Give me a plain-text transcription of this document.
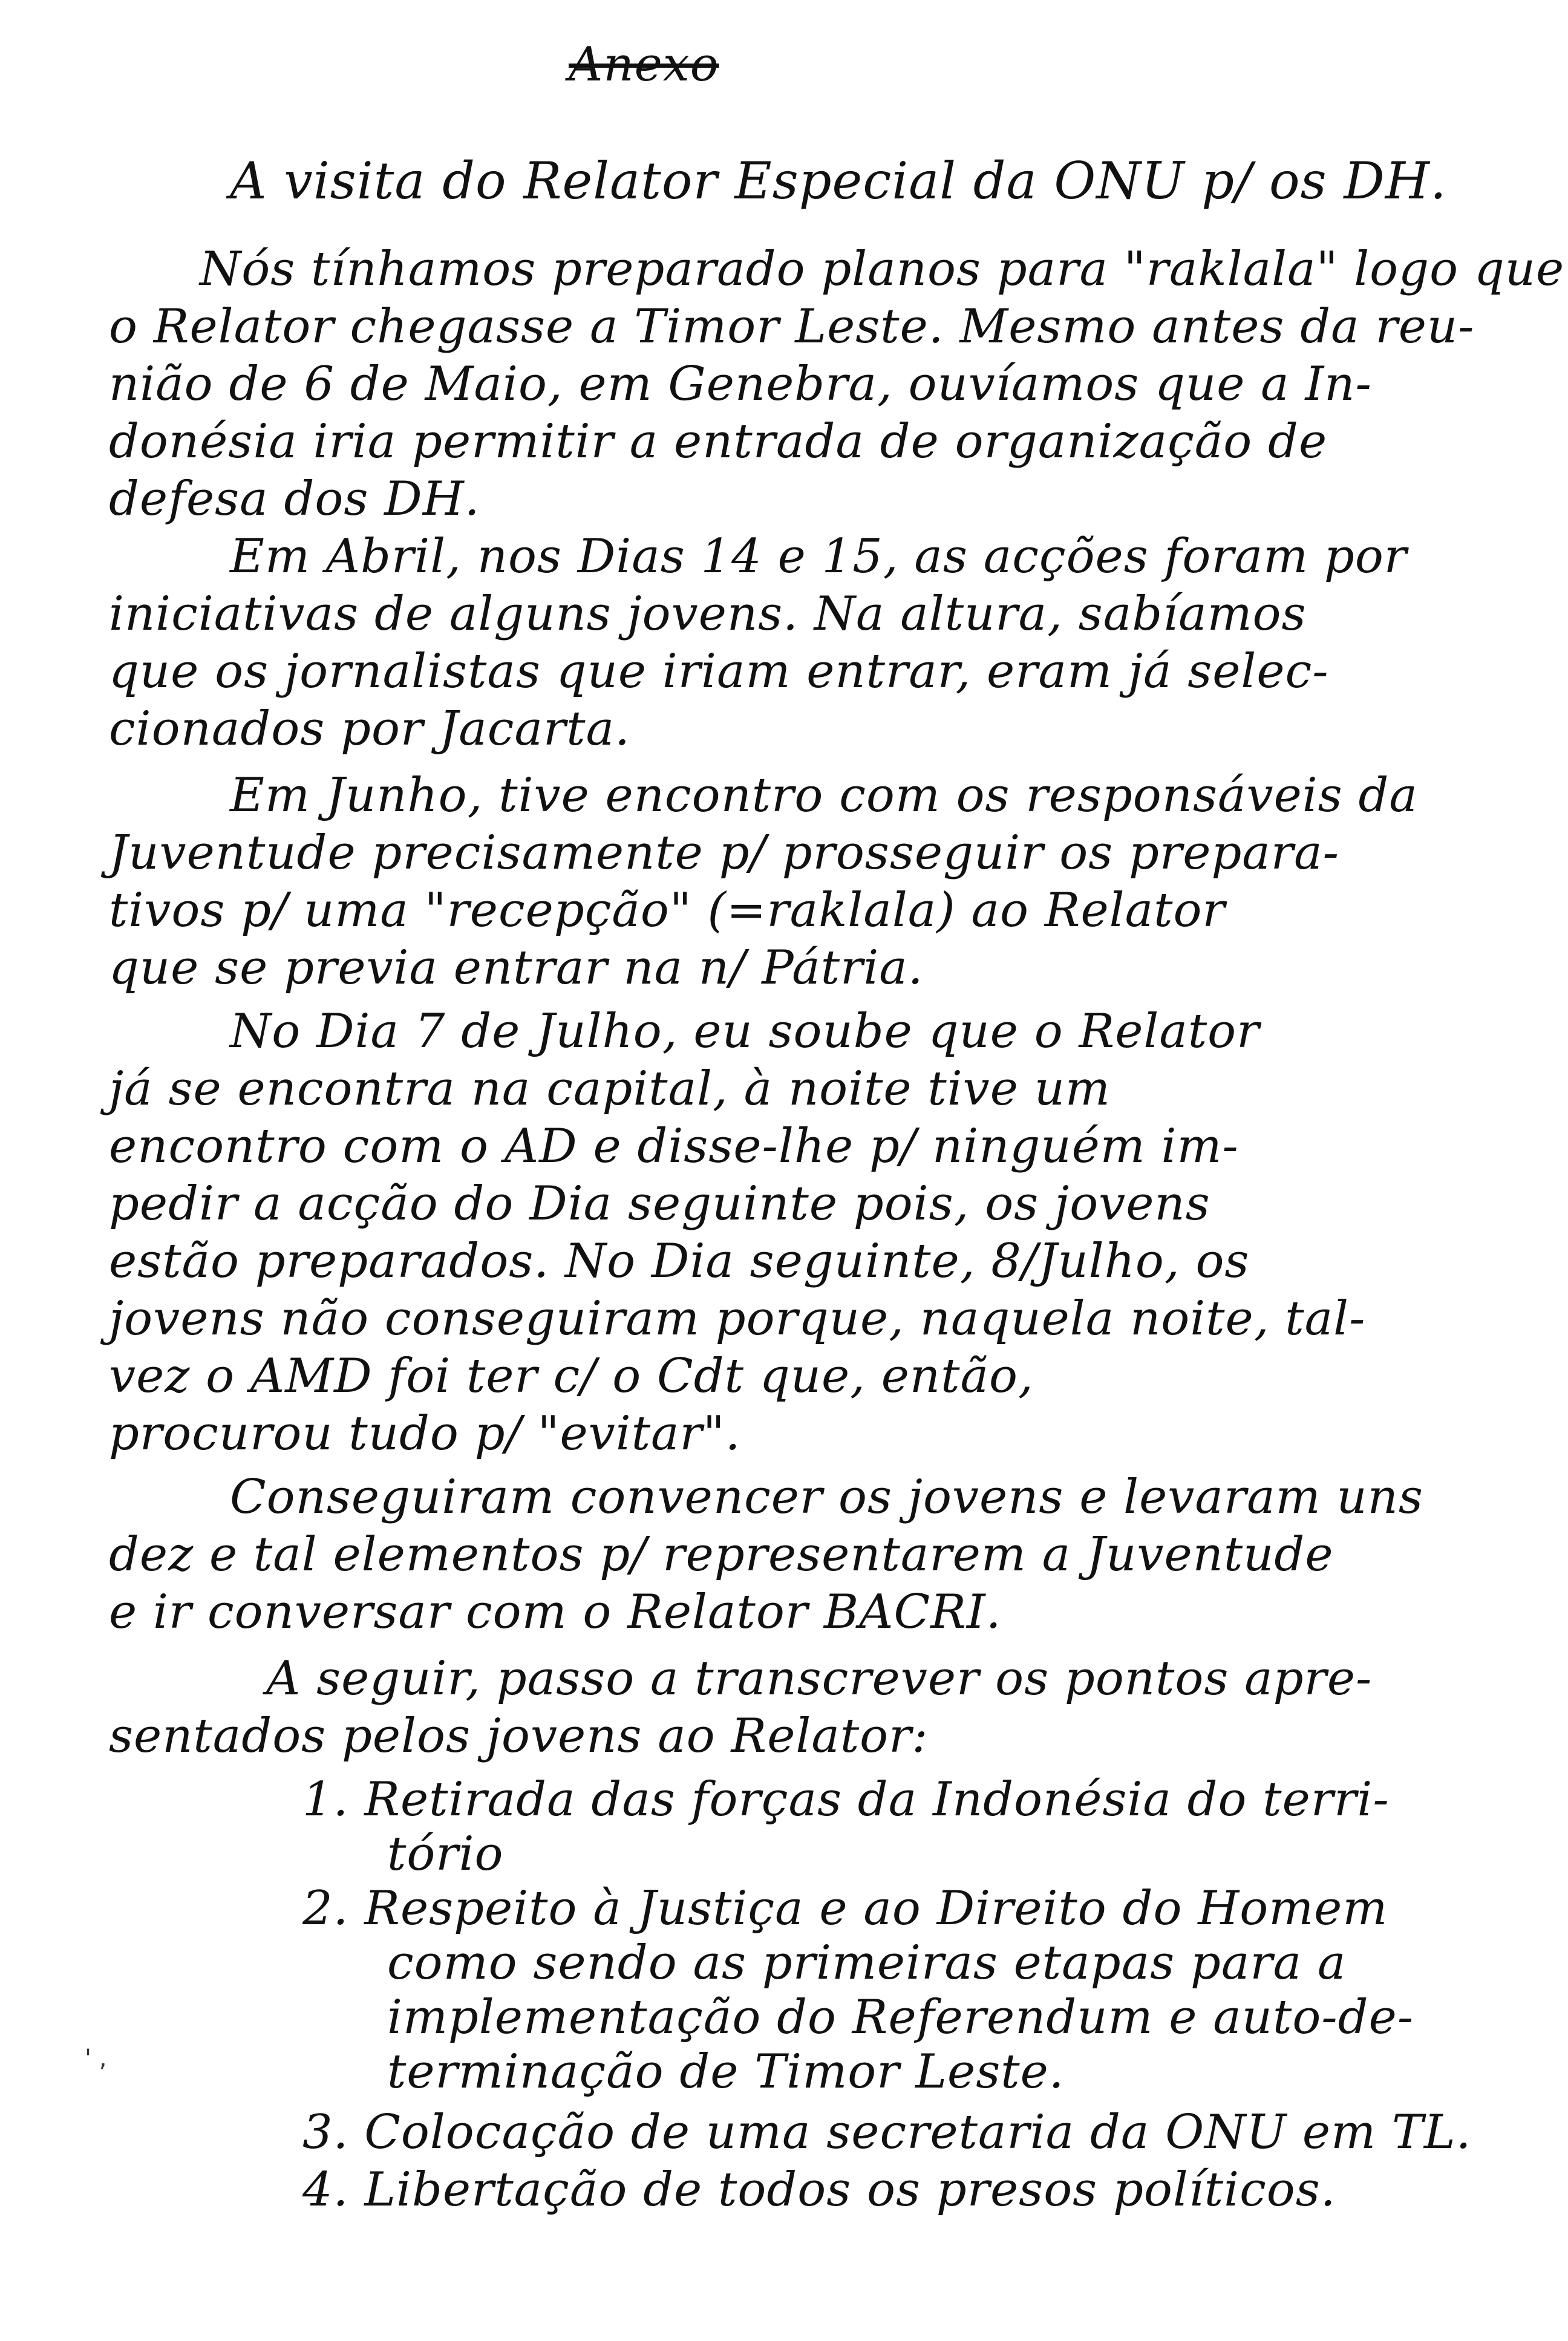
Anexo
A visita do Relator Especial da ONU p/ os DH.
Nós tínhamos preparado planos para "raklala" logo que
o Relator chegasse a Timor Leste. Mesmo antes da reu-
nião de 6 de Maio, em Genebra, ouvíamos que a In-
donésia iria permitir a entrada de organização de
defesa dos DH.
Em Abril, nos Dias 14 e 15, as acções foram por
iniciativas de alguns jovens. Na altura, sabíamos
que os jornalistas que iriam entrar, eram já selec-
cionados por Jacarta.
Em Junho, tive encontro com os responsáveis da
Juventude precisamente p/ prosseguir os prepara-
tivos p/ uma "recepção" (=raklala) ao Relator
que se previa entrar na n/ Pátria.
No Dia 7 de Julho, eu soube que o Relator
já se encontra na capital, à noite tive um
encontro com o AD e disse-lhe p/ ninguém im-
pedir a acção do Dia seguinte pois, os jovens
estão preparados. No Dia seguinte, 8/Julho, os
jovens não conseguiram porque, naquela noite, tal-
vez o AMD foi ter c/ o Cdt que, então,
procurou tudo p/ "evitar".
Conseguiram convencer os jovens e levaram uns
dez e tal elementos p/ representarem a Juventude
e ir conversar com o Relator BACRI.
A seguir, passo a transcrever os pontos apre-
sentados pelos jovens ao Relator:
1. Retirada das forças da Indonésia do terri-
tório
2. Respeito à Justiça e ao Direito do Homem
como sendo as primeiras etapas para a
implementação do Referendum e auto-de-
terminação de Timor Leste.
3. Colocação de uma secretaria da ONU em TL.
4. Libertação de todos os presos políticos.
' ,
